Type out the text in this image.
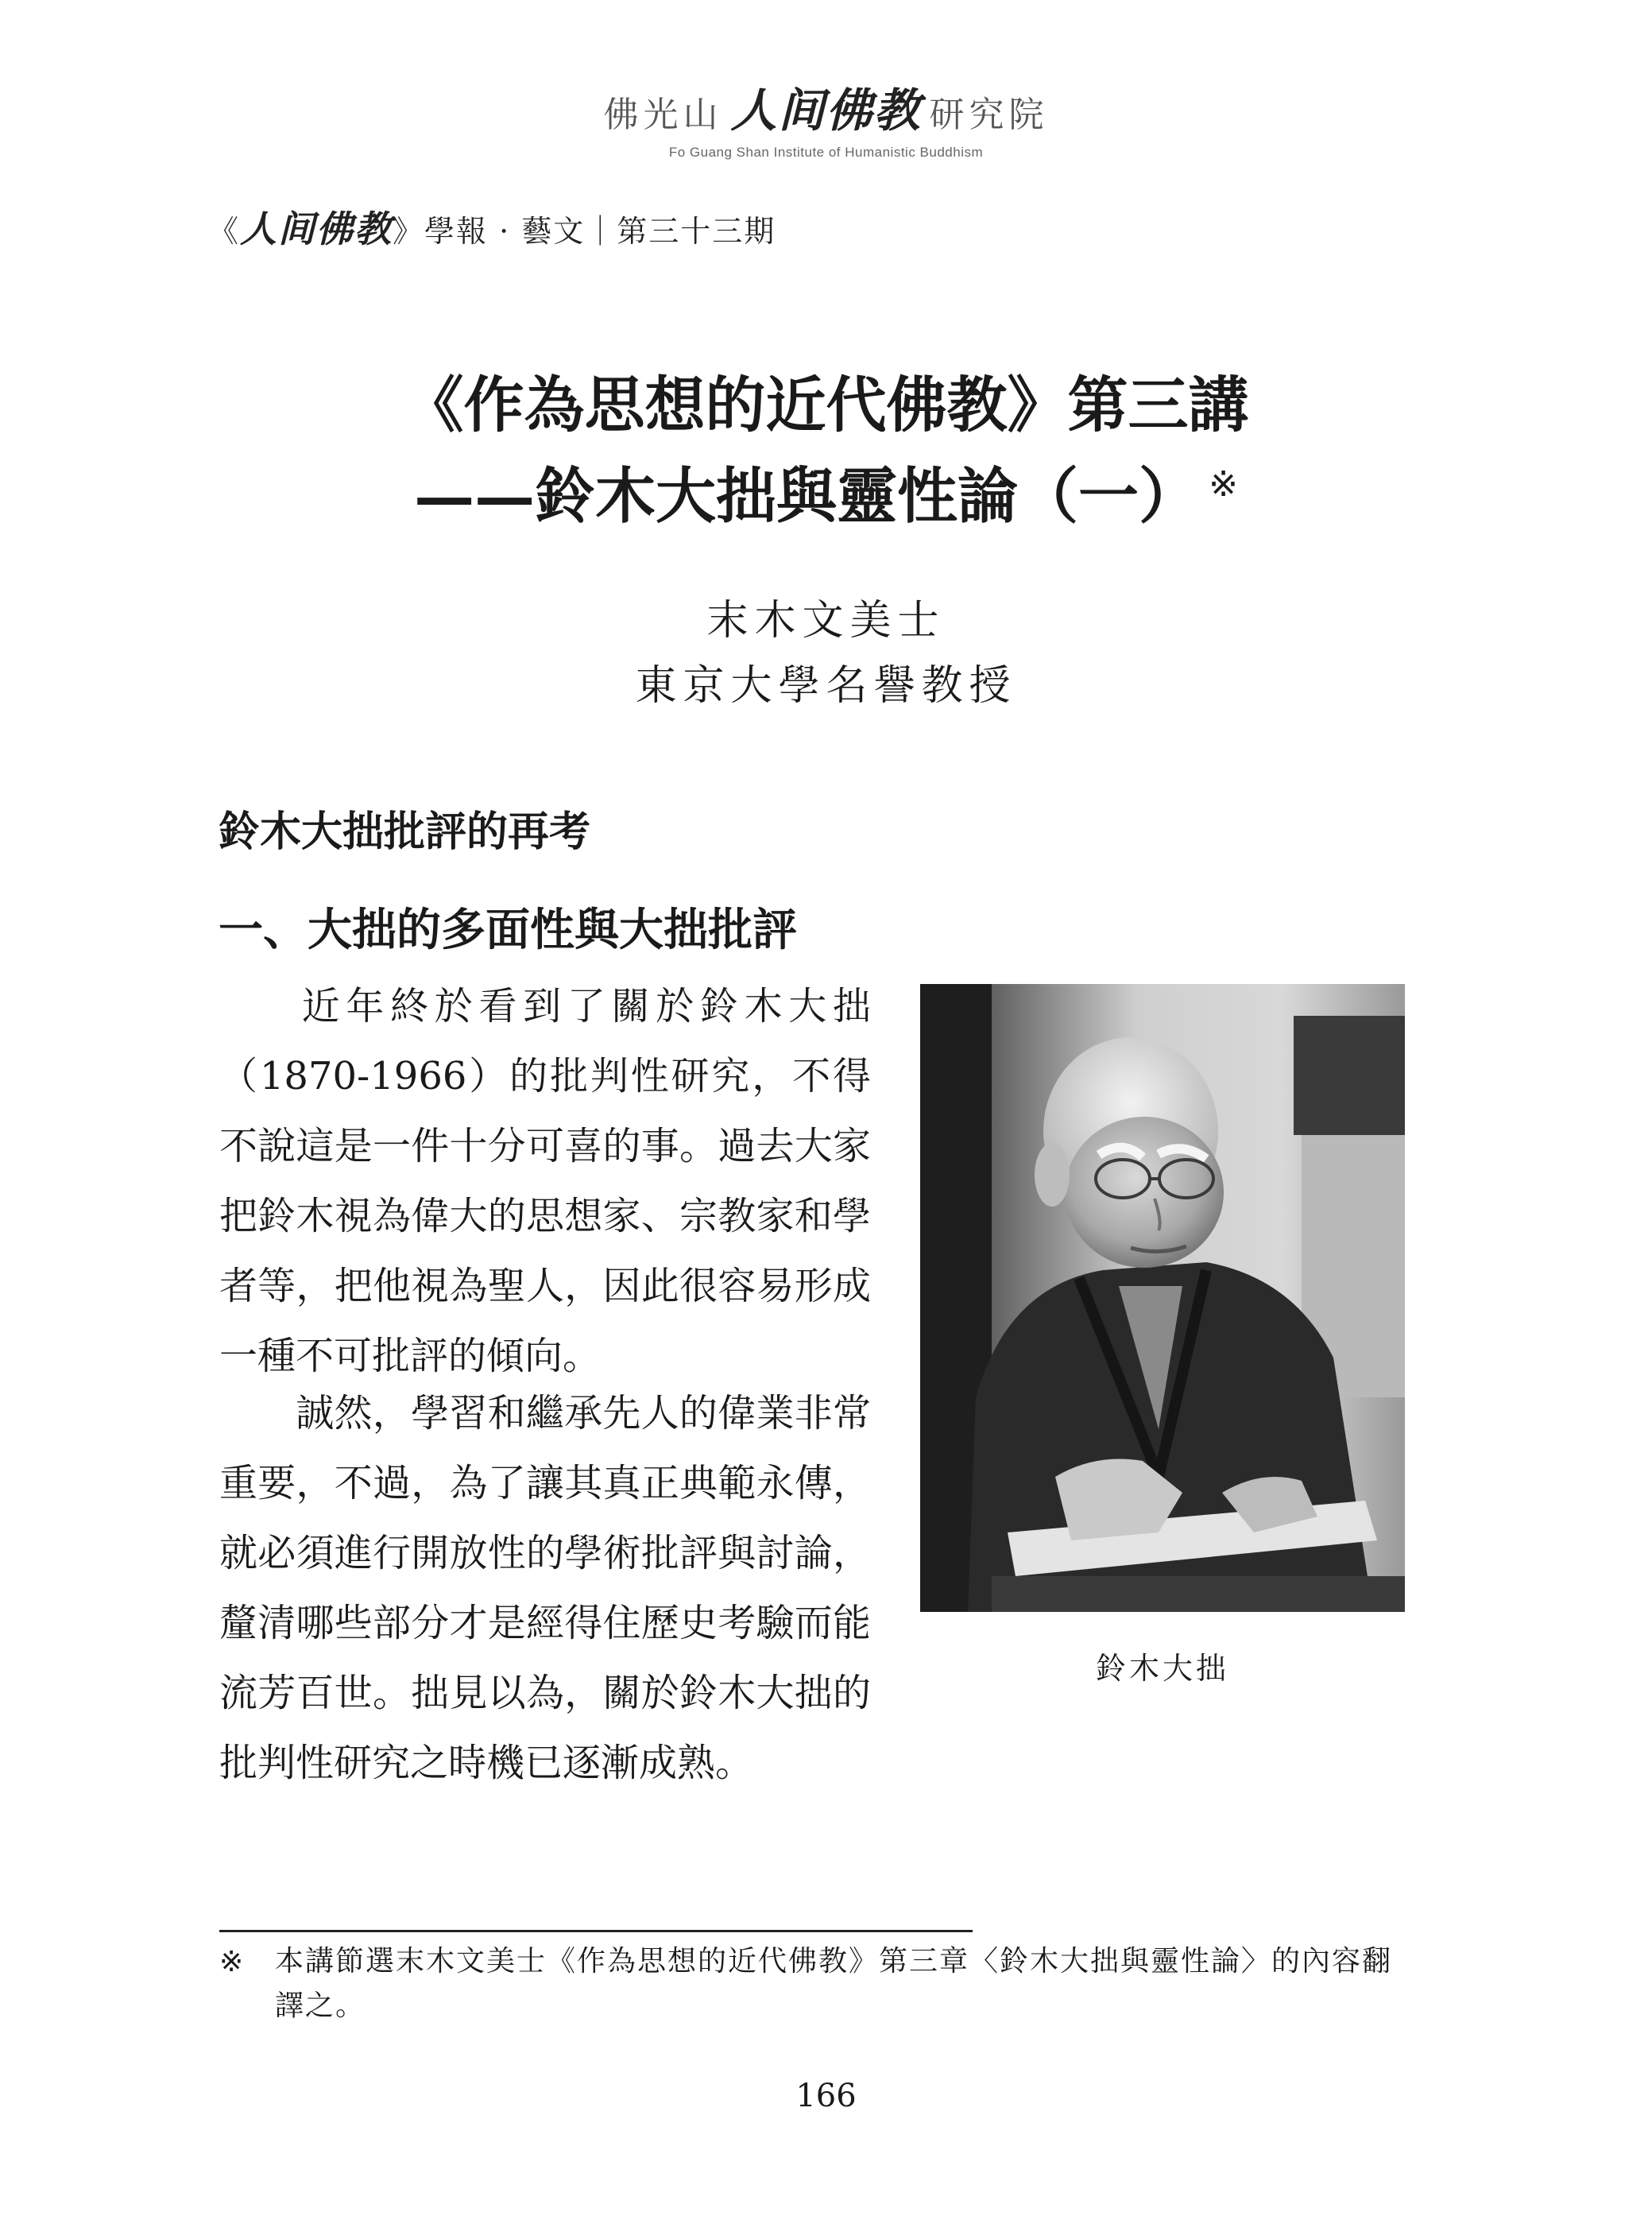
佛光山 人间佛教 研究院
Fo Guang Shan Institute of Humanistic Buddhism
《人间佛教》學報 · 藝文｜第三十三期
《作為思想的近代佛教》第三講
——鈴木大拙與靈性論（一） ※
末木文美士
東京大學名譽教授
鈴木大拙批評的再考
一、大拙的多面性與大拙批評
近年終於看到了關於鈴木大拙（1870-1966）的批判性研究，不得不說這是一件十分可喜的事。過去大家把鈴木視為偉大的思想家、宗教家和學者等，把他視為聖人，因此很容易形成一種不可批評的傾向。
誠然，學習和繼承先人的偉業非常重要，不過，為了讓其真正典範永傳，就必須進行開放性的學術批評與討論，釐清哪些部分才是經得住歷史考驗而能流芳百世。拙見以為，關於鈴木大拙的批判性研究之時機已逐漸成熟。
鈴木大拙
※ 本講節選末木文美士《作為思想的近代佛教》第三章〈鈴木大拙與靈性論〉的內容翻譯之。
166
